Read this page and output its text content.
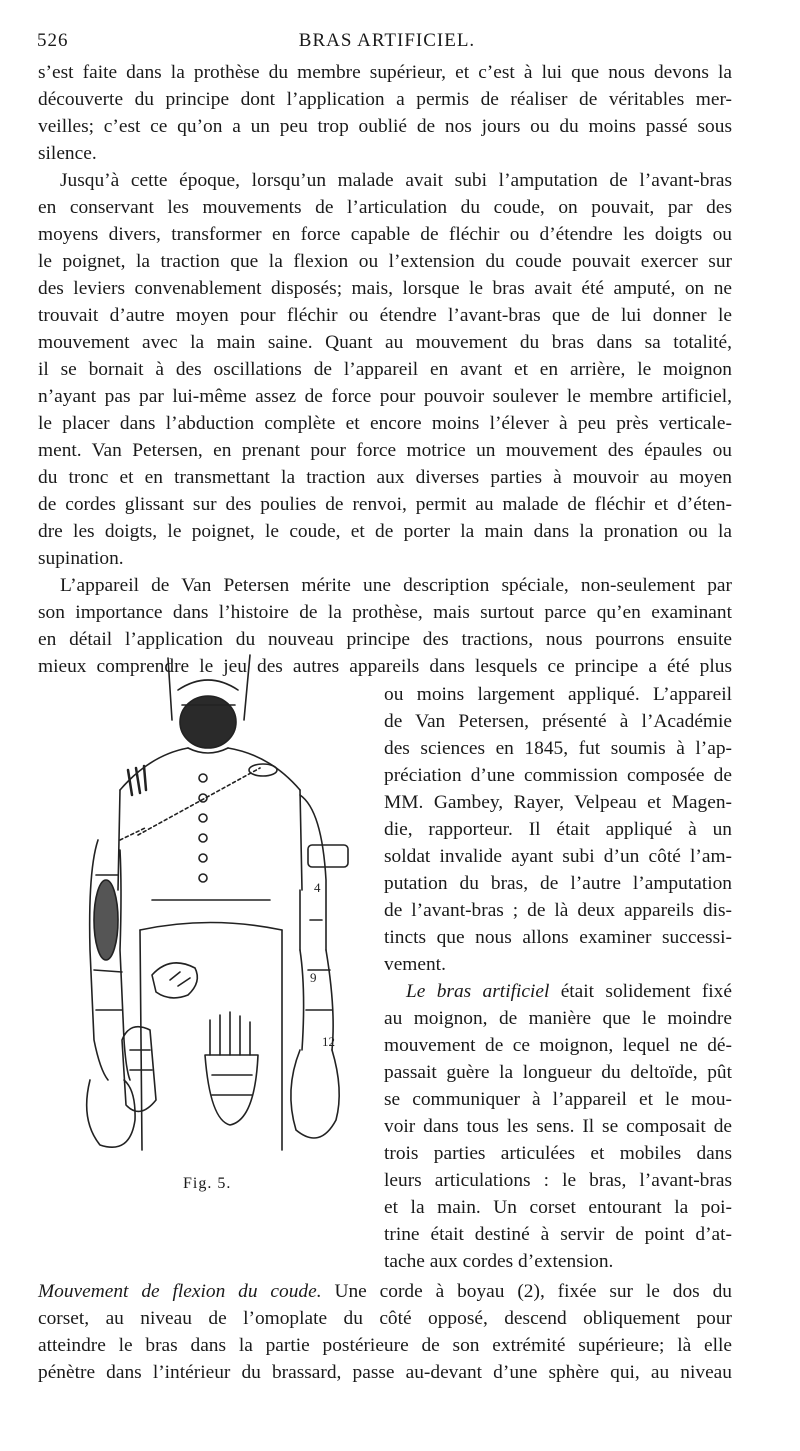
526	BRAS ARTIFICIEL.
s’est faite dans la prothèse du membre supérieur, et c’est à lui que nous devons la
découverte du principe dont l’application a permis de réaliser de véritables mer-
veilles; c’est ce qu’on a un peu trop oublié de nos jours ou du moins passé sous
silence.
Jusqu’à cette époque, lorsqu’un malade avait subi l’amputation de l’avant-bras
en conservant les mouvements de l’articulation du coude, on pouvait, par des
moyens divers, transformer en force capable de fléchir ou d’étendre les doigts ou
le poignet, la traction que la flexion ou l’extension du coude pouvait exercer sur
des leviers convenablement disposés; mais, lorsque le bras avait été amputé, on ne
trouvait d’autre moyen pour fléchir ou étendre l’avant-bras que de lui donner le
mouvement avec la main saine. Quant au mouvement du bras dans sa totalité,
il se bornait à des oscillations de l’appareil en avant et en arrière, le moignon
n’ayant pas par lui-même assez de force pour pouvoir soulever le membre artificiel,
le placer dans l’abduction complète et encore moins l’élever à peu près verticale-
ment. Van Petersen, en prenant pour force motrice un mouvement des épaules ou
du tronc et en transmettant la traction aux diverses parties à mouvoir au moyen
de cordes glissant sur des poulies de renvoi, permit au malade de fléchir et d’éten-
dre les doigts, le poignet, le coude, et de porter la main dans la pronation ou la
supination.
L’appareil de Van Petersen mérite une description spéciale, non-seulement par
son importance dans l’histoire de la prothèse, mais surtout parce qu’en examinant
en détail l’application du nouveau principe des tractions, nous pourrons ensuite
mieux comprendre le jeu des autres appareils dans lesquels ce principe a été plus
ou moins largement appliqué. L’appareil
de Van Petersen, présenté à l’Académie
des sciences en 1845, fut soumis à l’ap-
préciation d’une commission composée de
MM. Gambey, Rayer, Velpeau et Magen-
die, rapporteur. Il était appliqué à un
soldat invalide ayant subi d’un côté l’am-
putation du bras, de l’autre l’amputation
de l’avant-bras ; de là deux appareils dis-
tincts que nous allons examiner successi-
vement.
Le bras artificiel était solidement fixé
au moignon, de manière que le moindre
mouvement de ce moignon, lequel ne dé-
passait guère la longueur du deltoïde, pût
se communiquer à l’appareil et le mou-
voir dans tous les sens. Il se composait de
trois parties articulées et mobiles dans
leurs articulations : le bras, l’avant-bras
et la main. Un corset entourant la poi-
trine était destiné à servir de point d’at-
tache aux cordes d’extension.
12
4
9
Fig. 5.
Mouvement de flexion du coude. Une corde à boyau (2), fixée sur le dos du
corset, au niveau de l’omoplate du côté opposé, descend obliquement pour
atteindre le bras dans la partie postérieure de son extrémité supérieure; là elle
pénètre dans l’intérieur du brassard, passe au-devant d’une sphère qui, au niveau
